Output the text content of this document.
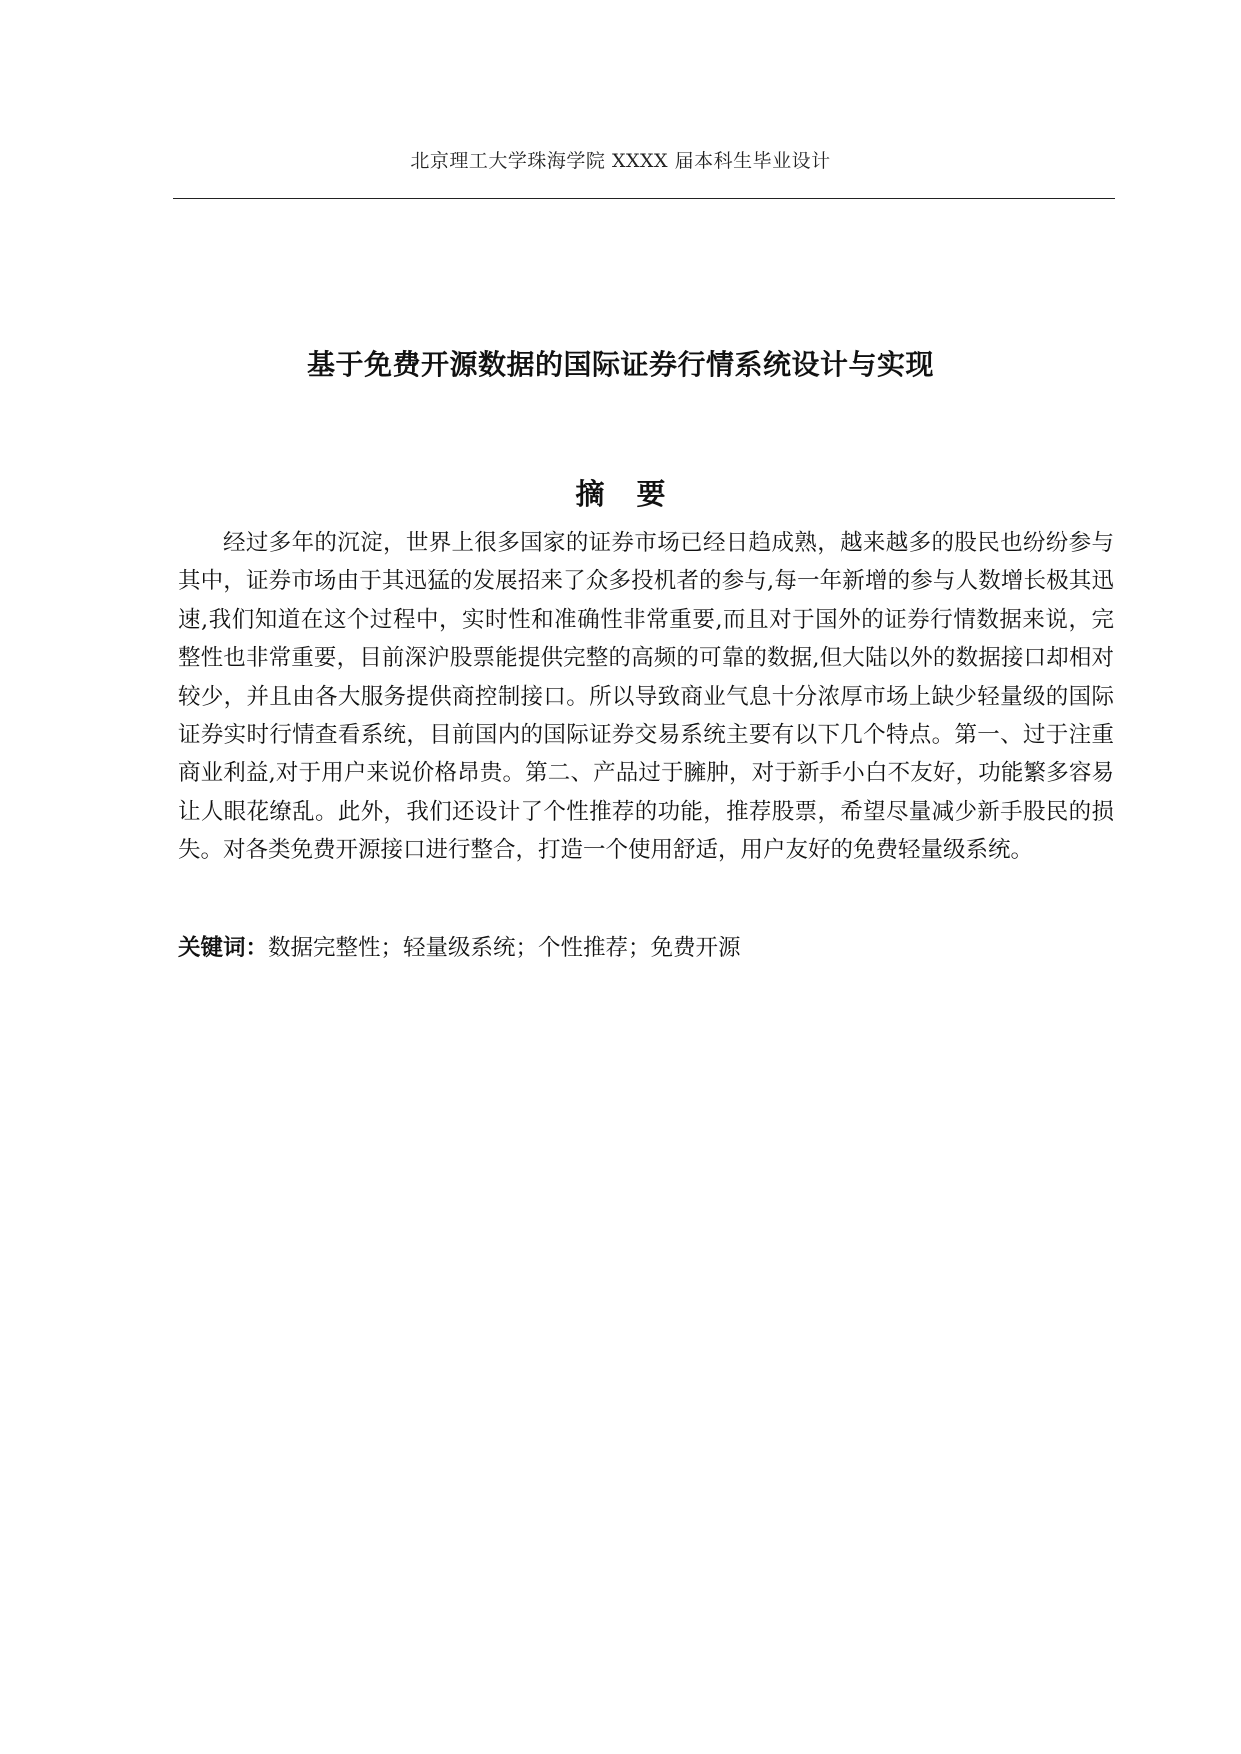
北京理工大学珠海学院 XXXX 届本科生毕业设计
基于免费开源数据的国际证券行情系统设计与实现
摘要

经过多年的沉淀，世界上很多国家的证券市场已经日趋成熟，越来越多的股民也纷纷参与其中，证券市场由于其迅猛的发展招来了众多投机者的参与,每一年新增的参与人数增长极其迅速,我们知道在这个过程中，实时性和准确性非常重要,而且对于国外的证券行情数据来说，完整性也非常重要，目前深沪股票能提供完整的高频的可靠的数据,但大陆以外的数据接口却相对较少，并且由各大服务提供商控制接口。所以导致商业气息十分浓厚市场上缺少轻量级的国际证券实时行情查看系统，目前国内的国际证券交易系统主要有以下几个特点。第一、过于注重商业利益,对于用户来说价格昂贵。第二、产品过于臃肿，对于新手小白不友好，功能繁多容易让人眼花缭乱。此外，我们还设计了个性推荐的功能，推荐股票，希望尽量减少新手股民的损失。对各类免费开源接口进行整合，打造一个使用舒适，用户友好的免费轻量级系统。

关键词：数据完整性；轻量级系统；个性推荐；免费开源
